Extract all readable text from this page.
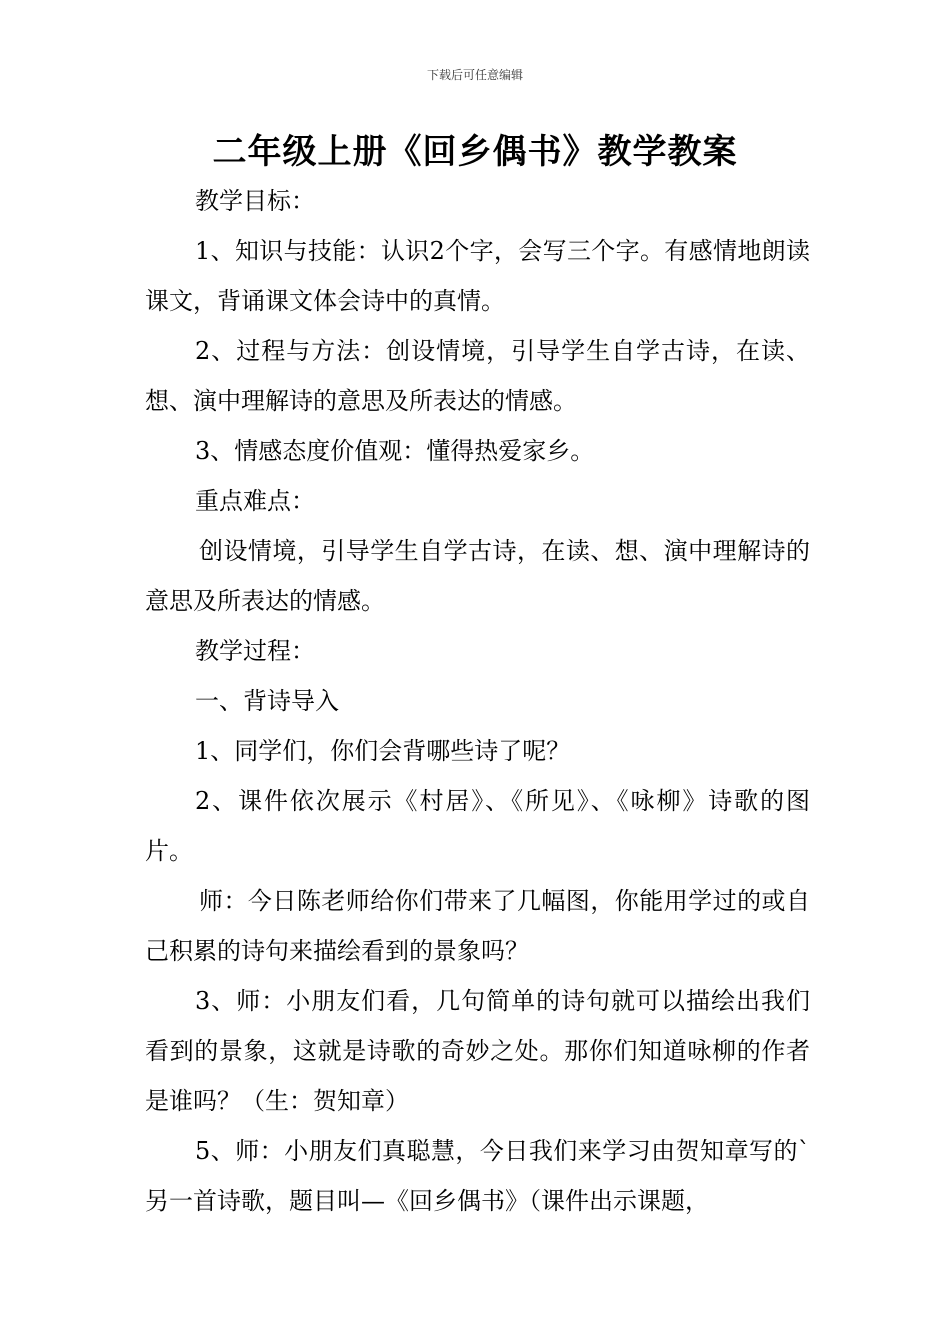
下载后可任意编辑
二年级上册《回乡偶书》教学教案

教学目标：

1、知识与技能：认识2个字，会写三个字。有感情地朗读课文，背诵课文体会诗中的真情。

2、过程与方法：创设情境，引导学生自学古诗，在读、想、演中理解诗的意思及所表达的情感。

3、情感态度价值观：懂得热爱家乡。

重点难点：

创设情境，引导学生自学古诗，在读、想、演中理解诗的意思及所表达的情感。

教学过程：

一、背诗导入

1、同学们，你们会背哪些诗了呢？

2、课件依次展示《村居》、《所见》、《咏柳》诗歌的图片。

师：今日陈老师给你们带来了几幅图，你能用学过的或自己积累的诗句来描绘看到的景象吗？

3、师：小朋友们看，几句简单的诗句就可以描绘出我们看到的景象，这就是诗歌的奇妙之处。那你们知道咏柳的作者是谁吗？（生：贺知章）

5、师：小朋友们真聪慧，今日我们来学习由贺知章写的`另一首诗歌，题目叫—《回乡偶书》（课件出示课题，
